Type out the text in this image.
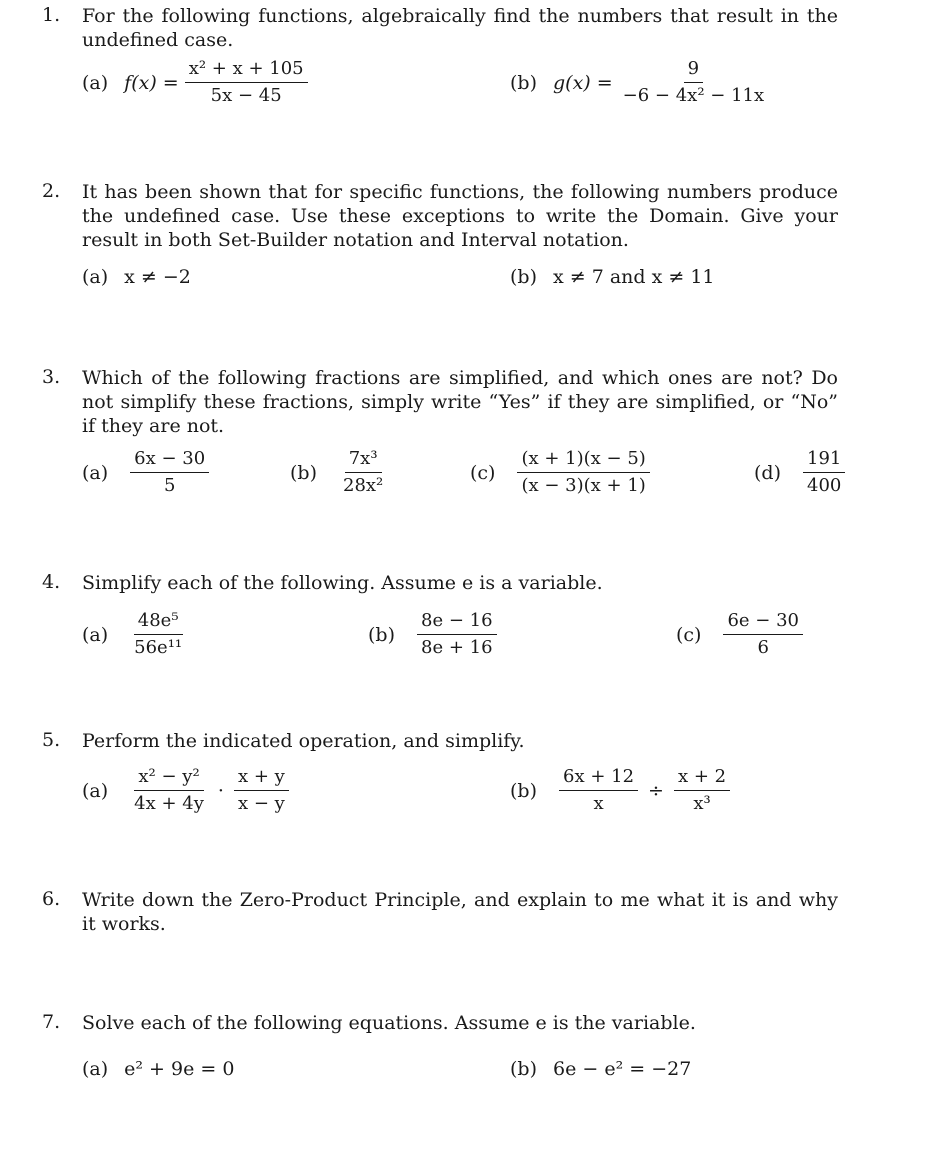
1. For the following functions, algebraically find the numbers that result in the undefined case.
(a) $f(x) = \frac{\text{x² + x + 105}}{5x - 45}$	(b) $g(x) = \frac{9}{\text{−6 − 4x² − 11x}}$
2. It has been shown that for specific functions, the following numbers produce the undefined case. Use these exceptions to write the Domain. Give your result in both Set-Builder notation and Interval notation.
(a) x ≠ −2	(b) x ≠ 7 and x ≠ 11
3. Which of the following fractions are simplified, and which ones are not? Do not simplify these fractions, simply write “Yes” if they are simplified, or “No” if they are not.
$(a) \frac{6x - 30}{5}$	$(b) \frac{\text{7x³}}{\text{28x²}}$	$(c) \frac{(x + 1)(x - 5)}{(x - 3)(x + 1)}$	$(d) \frac{191}{400}$
4. Simplify each of the following. Assume e is a variable.
$(a) \frac{\text{48e⁵}}{\text{56e¹¹}}$	$(b) \frac{8e - 16}{8e + 16}$	$(c) \frac{6e - 30}{6}$
5. Perform the indicated operation, and simplify.
$(a) \frac{\text{x² − y²}}{4x + 4y} \cdot \frac{x + y}{x - y}$	$(b) \frac{6x + 12}{x} \div \frac{x + 2}{\text{x³}}$
6. Write down the Zero-Product Principle, and explain to me what it is and why it works.
7. Solve each of the following equations. Assume e is the variable.
(a) e² + 9e = 0	(b) 6e − e² = −27
